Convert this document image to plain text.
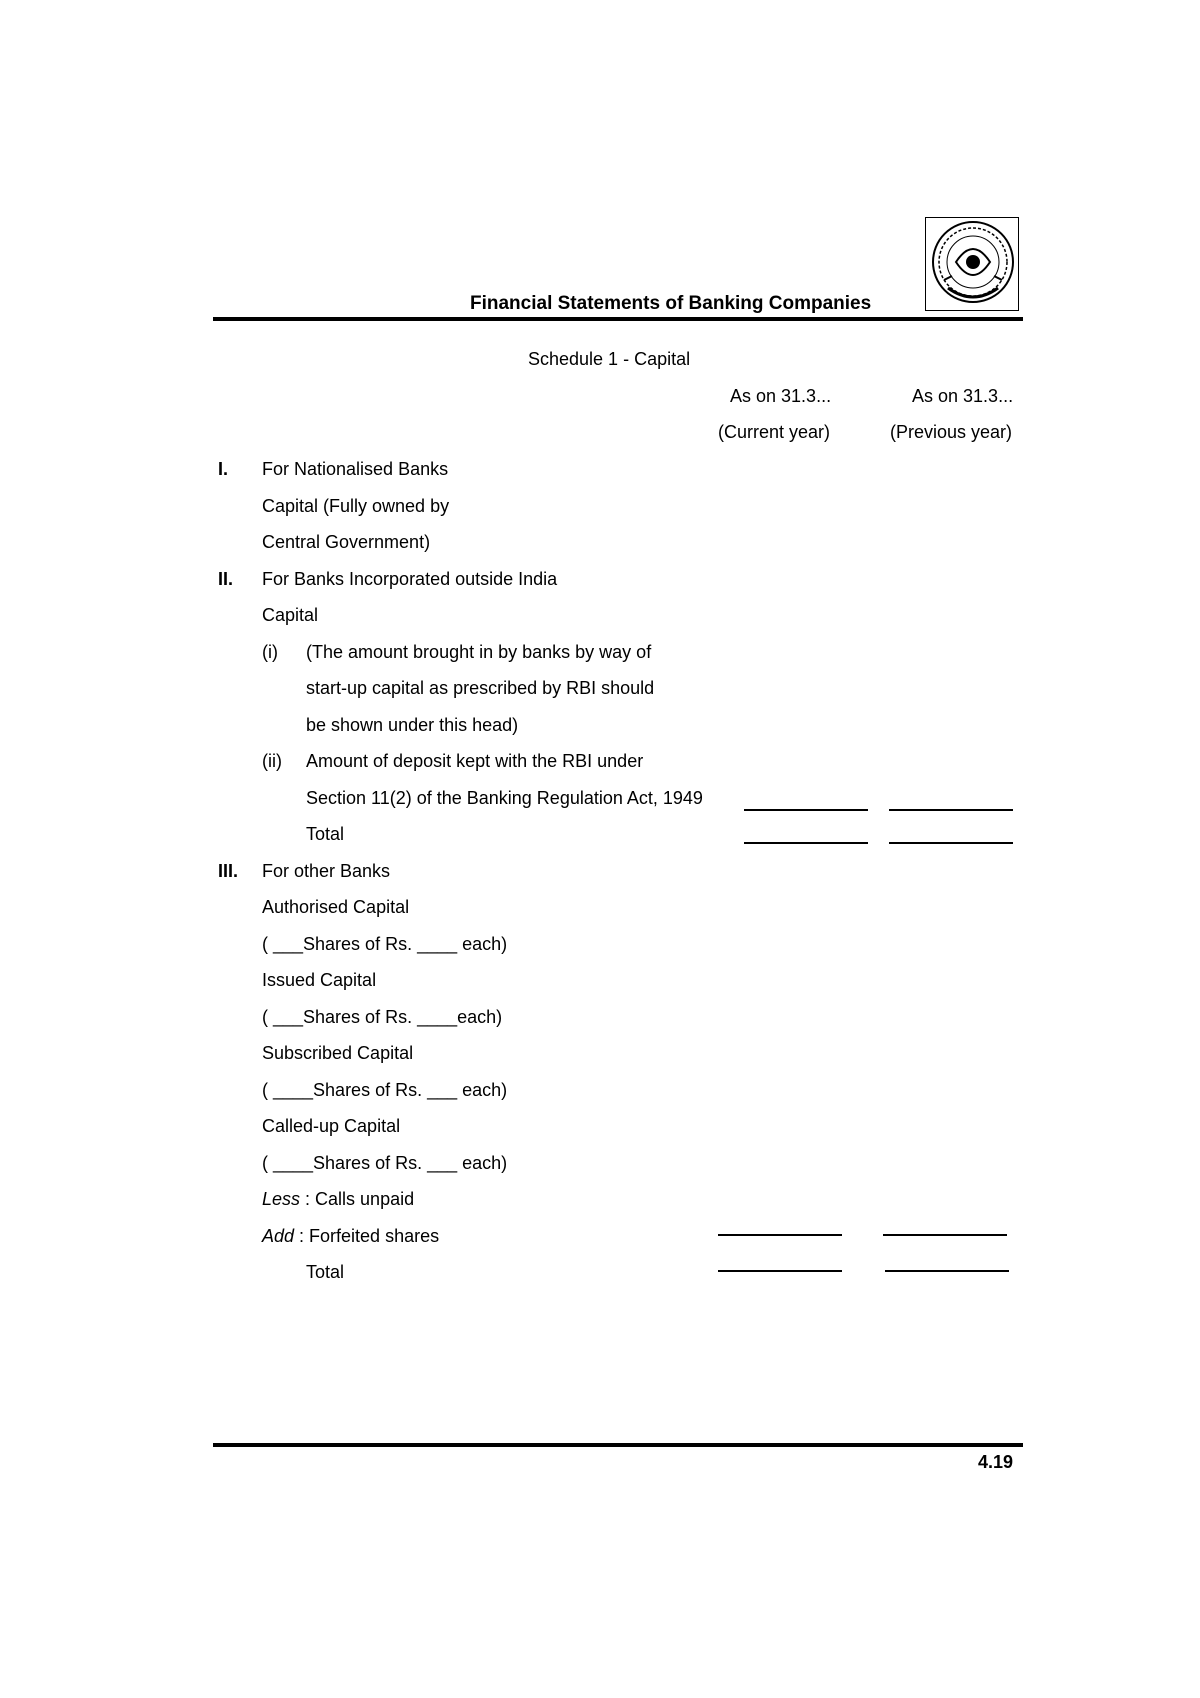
Financial Statements of Banking Companies
Schedule 1 - Capital
As on 31.3...	As on 31.3...
(Current year)	(Previous year)
I. For Nationalised Banks
Capital (Fully owned by
Central Government)
II. For Banks Incorporated outside India
Capital
(i) (The amount brought in by banks by way of
start-up capital as prescribed by RBI should
be shown under this head)
(ii) Amount of deposit kept with the RBI under
Section 11(2) of the Banking Regulation Act, 1949
Total
III. For other Banks
Authorised Capital
( ___Shares of Rs. ____ each)
Issued Capital
( ___Shares of Rs. ____each)
Subscribed Capital
( ____Shares of Rs. ___ each)
Called-up Capital
( ____Shares of Rs. ___ each)
Less : Calls unpaid
Add : Forfeited shares
Total
4.19
